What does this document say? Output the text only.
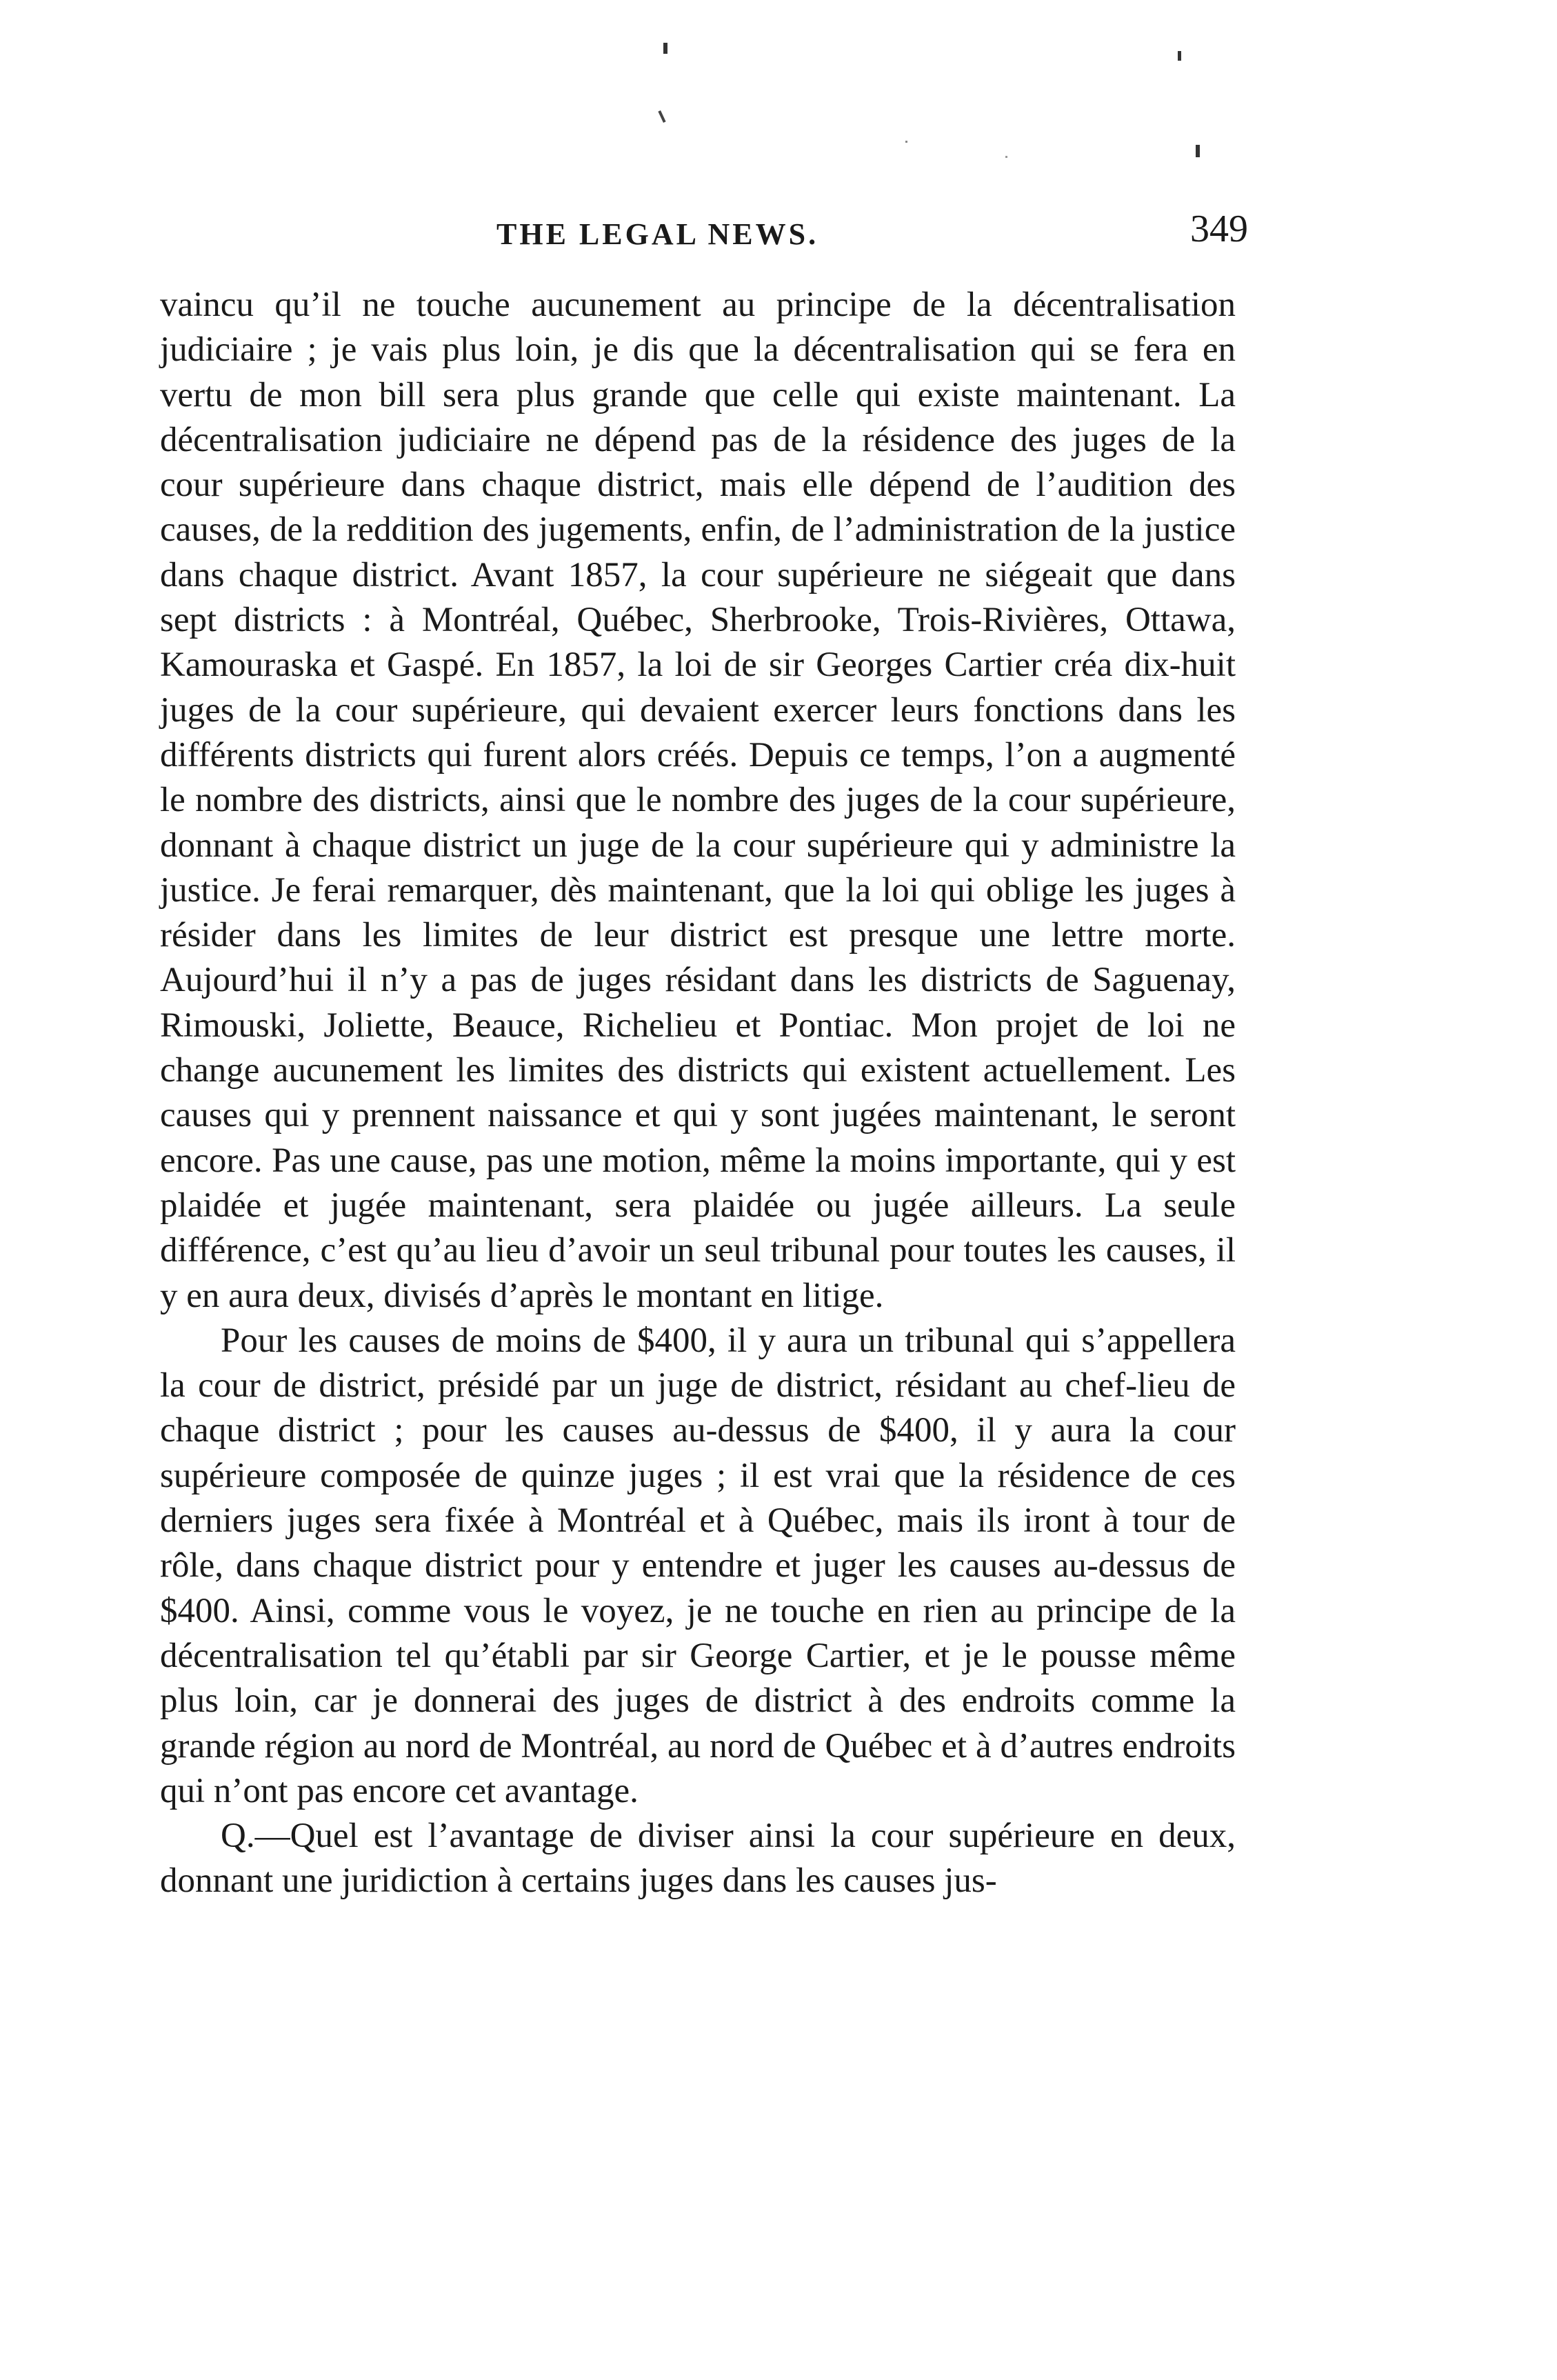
THE LEGAL NEWS.	349

vaincu qu’il ne touche aucunement au principe de la décentralisation judiciaire ; je vais plus loin, je dis que la décentralisation qui se fera en vertu de mon bill sera plus grande que celle qui existe maintenant. La décentralisation judiciaire ne dépend pas de la résidence des juges de la cour supérieure dans chaque district, mais elle dépend de l’audition des causes, de la reddition des jugements, enfin, de l’administration de la justice dans chaque district. Avant 1857, la cour supérieure ne siégeait que dans sept districts : à Montréal, Québec, Sherbrooke, Trois-Rivières, Ottawa, Kamouraska et Gaspé. En 1857, la loi de sir Georges Cartier créa dix-huit juges de la cour supérieure, qui devaient exercer leurs fonctions dans les différents districts qui furent alors créés. Depuis ce temps, l’on a augmenté le nombre des districts, ainsi que le nombre des juges de la cour supérieure, donnant à chaque district un juge de la cour supérieure qui y administre la justice. Je ferai remarquer, dès maintenant, que la loi qui oblige les juges à résider dans les limites de leur district est presque une lettre morte. Aujourd’hui il n’y a pas de juges résidant dans les districts de Saguenay, Rimouski, Joliette, Beauce, Richelieu et Pontiac. Mon projet de loi ne change aucunement les limites des districts qui existent actuellement. Les causes qui y prennent naissance et qui y sont jugées maintenant, le seront encore. Pas une cause, pas une motion, même la moins importante, qui y est plaidée et jugée maintenant, sera plaidée ou jugée ailleurs. La seule différence, c’est qu’au lieu d’avoir un seul tribunal pour toutes les causes, il y en aura deux, divisés d’après le montant en litige.

Pour les causes de moins de $400, il y aura un tribunal qui s’appellera la cour de district, présidé par un juge de district, résidant au chef-lieu de chaque district ; pour les causes au-dessus de $400, il y aura la cour supérieure composée de quinze juges ; il est vrai que la résidence de ces derniers juges sera fixée à Montréal et à Québec, mais ils iront à tour de rôle, dans chaque district pour y entendre et juger les causes au-dessus de $400. Ainsi, comme vous le voyez, je ne touche en rien au principe de la décentralisation tel qu’établi par sir George Cartier, et je le pousse même plus loin, car je donnerai des juges de district à des endroits comme la grande région au nord de Montréal, au nord de Québec et à d’autres endroits qui n’ont pas encore cet avantage.

Q.—Quel est l’avantage de diviser ainsi la cour supérieure en deux, donnant une juridiction à certains juges dans les causes jus-
